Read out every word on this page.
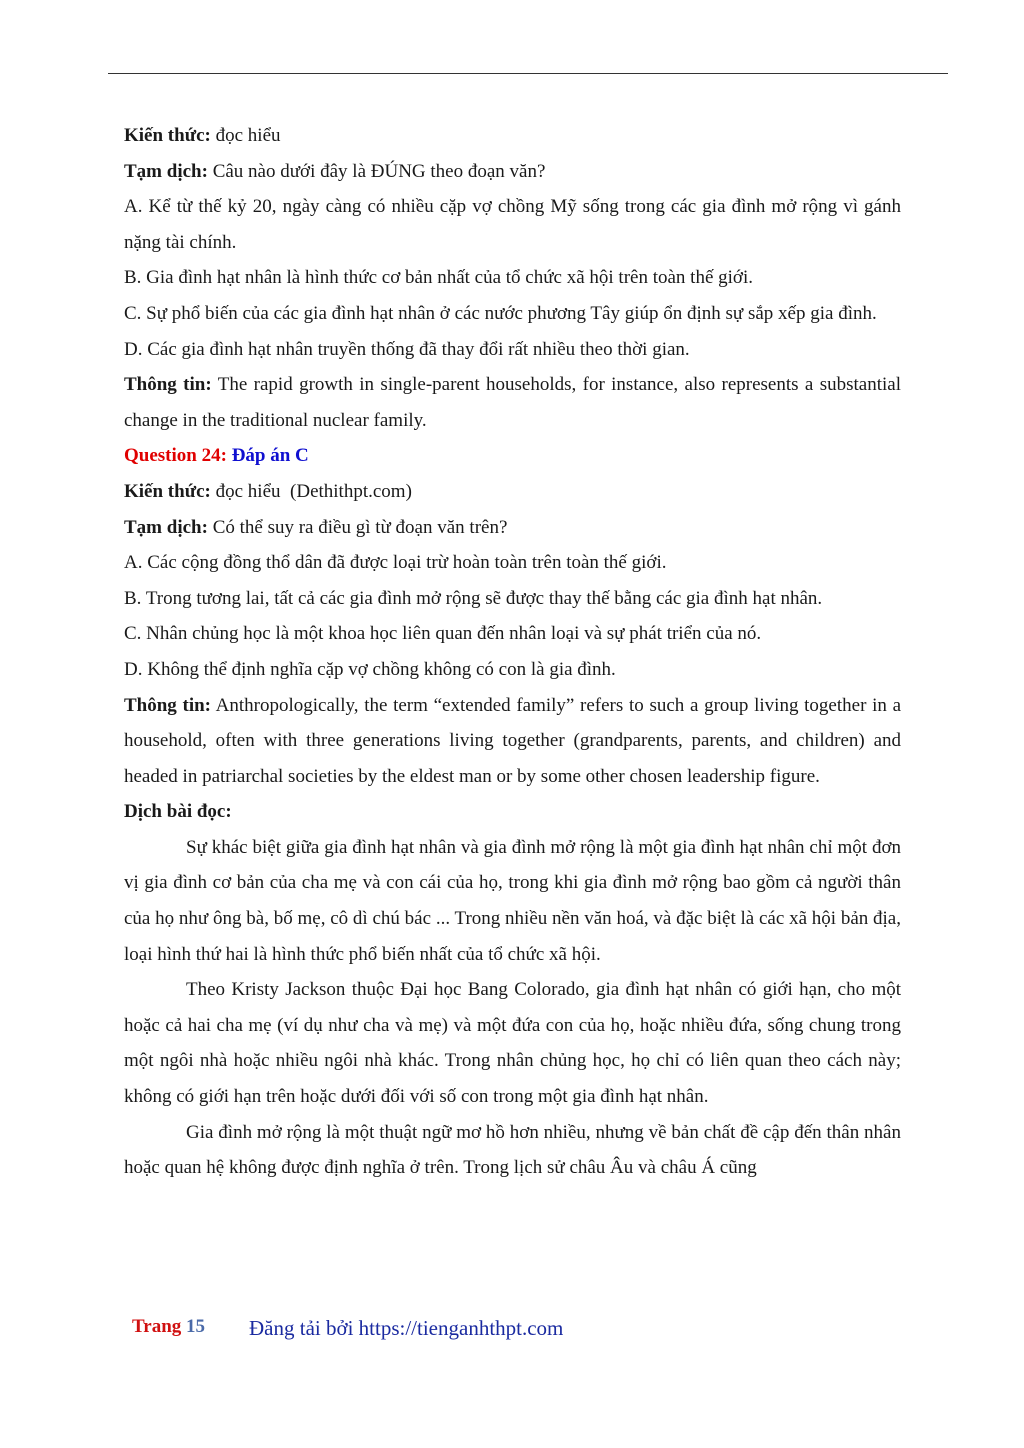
Kiến thức: đọc hiểu

Tạm dịch: Câu nào dưới đây là ĐÚNG theo đoạn văn?

A. Kể từ thế kỷ 20, ngày càng có nhiều cặp vợ chồng Mỹ sống trong các gia đình mở rộng vì gánh nặng tài chính.

B. Gia đình hạt nhân là hình thức cơ bản nhất của tổ chức xã hội trên toàn thế giới.

C. Sự phổ biến của các gia đình hạt nhân ở các nước phương Tây giúp ổn định sự sắp xếp gia đình.

D. Các gia đình hạt nhân truyền thống đã thay đổi rất nhiều theo thời gian.

Thông tin: The rapid growth in single-parent households, for instance, also represents a substantial change in the traditional nuclear family.

Question 24: Đáp án C

Kiến thức: đọc hiểu  (Dethithpt.com)

Tạm dịch: Có thể suy ra điều gì từ đoạn văn trên?

A. Các cộng đồng thổ dân đã được loại trừ hoàn toàn trên toàn thế giới.

B. Trong tương lai, tất cả các gia đình mở rộng sẽ được thay thế bằng các gia đình hạt nhân.

C. Nhân chủng học là một khoa học liên quan đến nhân loại và sự phát triển của nó.

D. Không thể định nghĩa cặp vợ chồng không có con là gia đình.

Thông tin: Anthropologically, the term “extended family” refers to such a group living together in a household, often with three generations living together (grandparents, parents, and children) and headed in patriarchal societies by the eldest man or by some other chosen leadership figure.

Dịch bài đọc:

Sự khác biệt giữa gia đình hạt nhân và gia đình mở rộng là một gia đình hạt nhân chỉ một đơn vị gia đình cơ bản của cha mẹ và con cái của họ, trong khi gia đình mở rộng bao gồm cả người thân của họ như ông bà, bố mẹ, cô dì chú bác ... Trong nhiều nền văn hoá, và đặc biệt là các xã hội bản địa, loại hình thứ hai là hình thức phổ biến nhất của tổ chức xã hội.

Theo Kristy Jackson thuộc Đại học Bang Colorado, gia đình hạt nhân có giới hạn, cho một hoặc cả hai cha mẹ (ví dụ như cha và mẹ) và một đứa con của họ, hoặc nhiều đứa, sống chung trong một ngôi nhà hoặc nhiều ngôi nhà khác. Trong nhân chủng học, họ chỉ có liên quan theo cách này; không có giới hạn trên hoặc dưới đối với số con trong một gia đình hạt nhân.

Gia đình mở rộng là một thuật ngữ mơ hồ hơn nhiều, nhưng về bản chất đề cập đến thân nhân hoặc quan hệ không được định nghĩa ở trên. Trong lịch sử châu Âu và châu Á cũng

Trang 15 Đăng tải bởi https://tienganhthpt.com
